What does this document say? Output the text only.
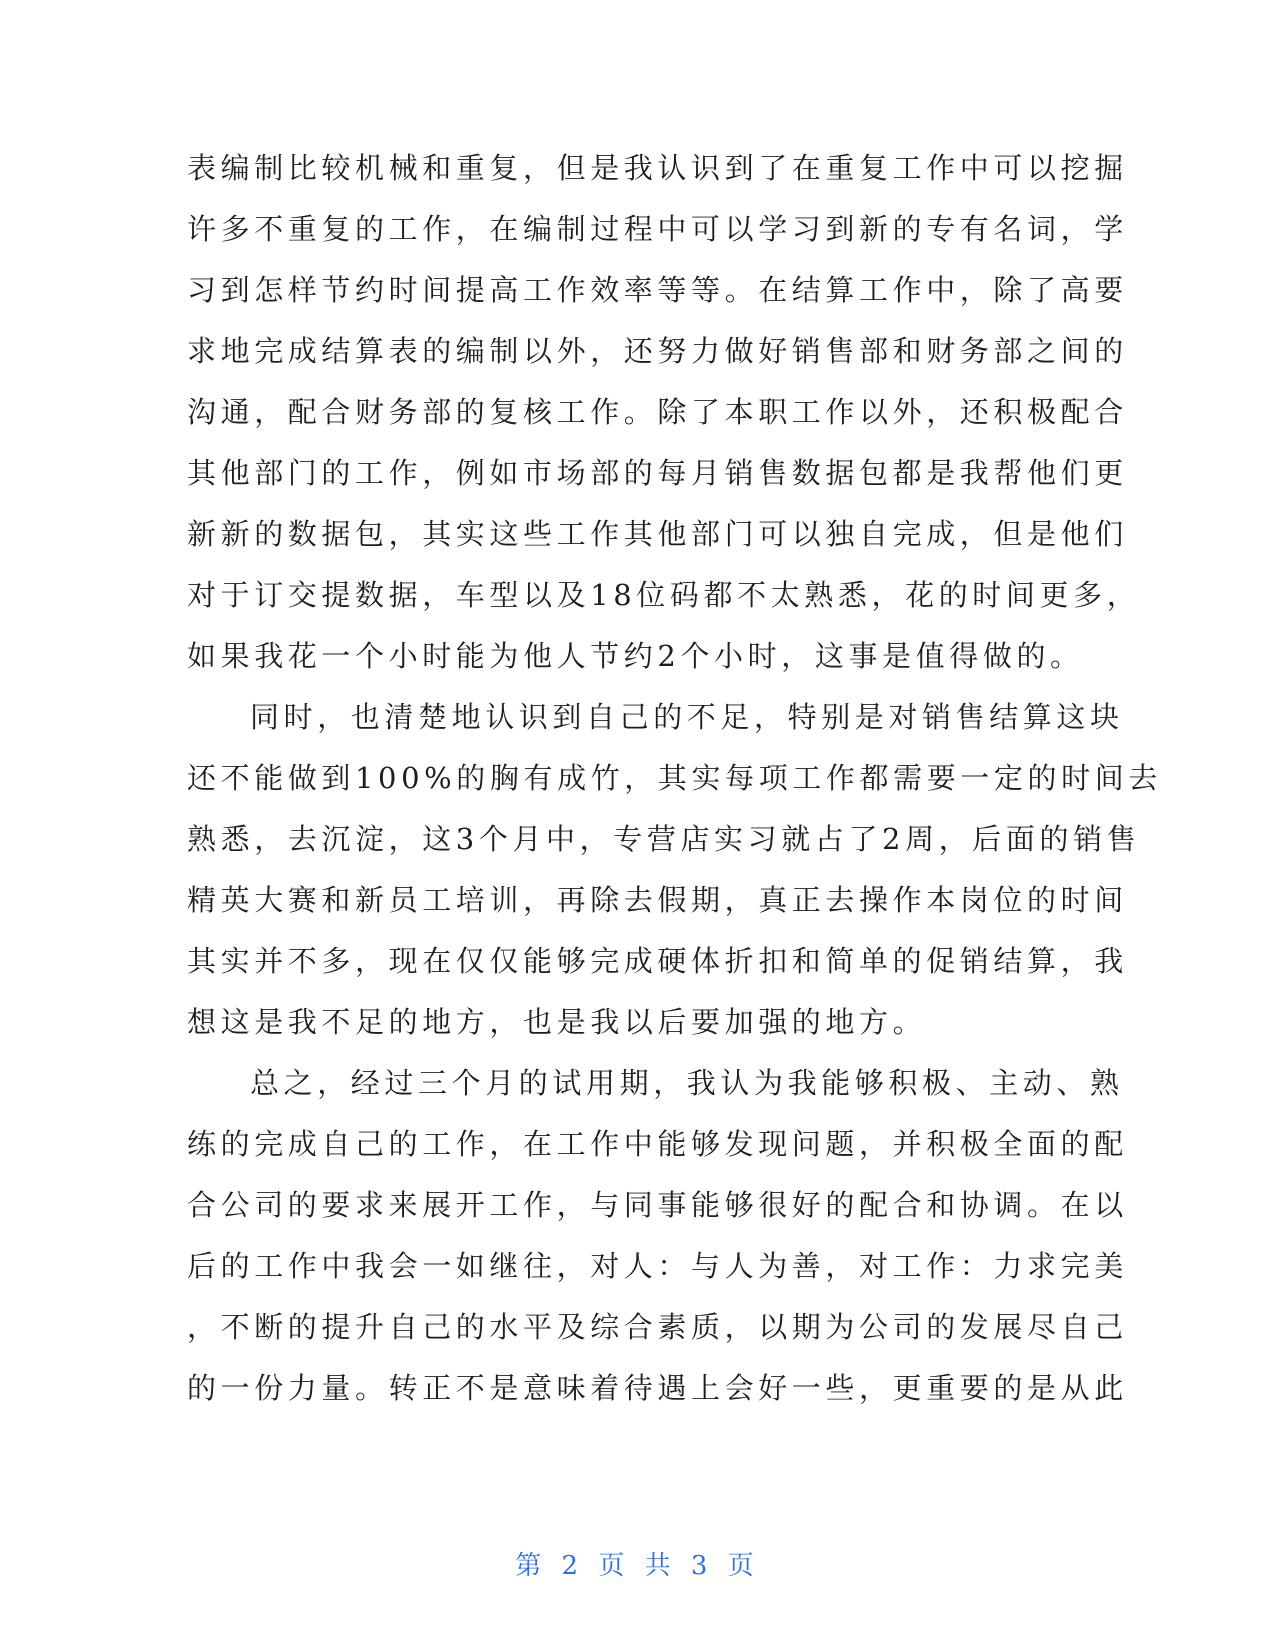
表编制比较机械和重复，但是我认识到了在重复工作中可以挖掘
许多不重复的工作，在编制过程中可以学习到新的专有名词，学
习到怎样节约时间提高工作效率等等。在结算工作中，除了高要
求地完成结算表的编制以外，还努力做好销售部和财务部之间的
沟通，配合财务部的复核工作。除了本职工作以外，还积极配合
其他部门的工作，例如市场部的每月销售数据包都是我帮他们更
新新的数据包，其实这些工作其他部门可以独自完成，但是他们
对于订交提数据，车型以及18位码都不太熟悉，花的时间更多，
如果我花一个小时能为他人节约2个小时，这事是值得做的。
同时，也清楚地认识到自己的不足，特别是对销售结算这块
还不能做到100%的胸有成竹，其实每项工作都需要一定的时间去
熟悉，去沉淀，这3个月中，专营店实习就占了2周，后面的销售
精英大赛和新员工培训，再除去假期，真正去操作本岗位的时间
其实并不多，现在仅仅能够完成硬体折扣和简单的促销结算，我
想这是我不足的地方，也是我以后要加强的地方。
总之，经过三个月的试用期，我认为我能够积极、主动、熟
练的完成自己的工作，在工作中能够发现问题，并积极全面的配
合公司的要求来展开工作，与同事能够很好的配合和协调。在以
后的工作中我会一如继往，对人：与人为善，对工作：力求完美
，不断的提升自己的水平及综合素质，以期为公司的发展尽自己
的一份力量。转正不是意味着待遇上会好一些，更重要的是从此
第 2 页 共 3 页
